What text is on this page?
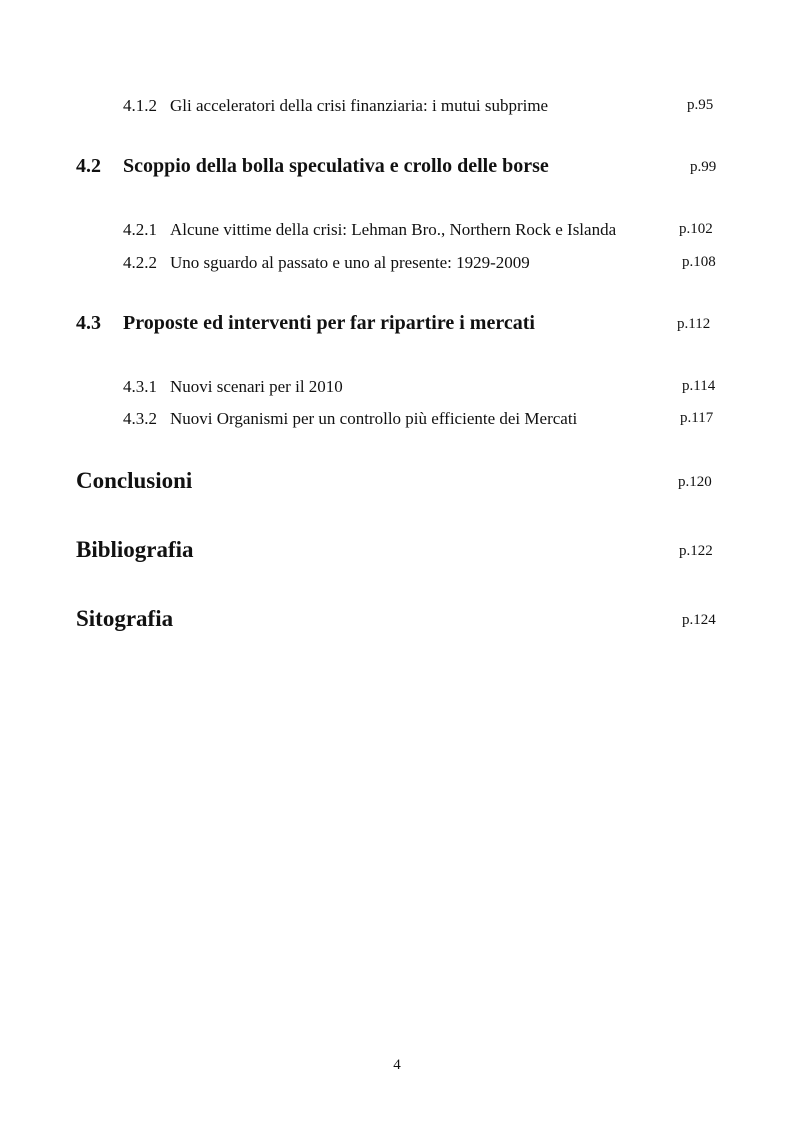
4.1.2 Gli acceleratori della crisi finanziaria: i mutui subprime	p.95
4.2 Scoppio della bolla speculativa e crollo delle borse	p.99
4.2.1 Alcune vittime della crisi: Lehman Bro., Northern Rock e Islanda	p.102
4.2.2 Uno sguardo al passato e uno al presente: 1929-2009	p.108
4.3 Proposte ed interventi per far ripartire i mercati	p.112
4.3.1 Nuovi scenari per il 2010	p.114
4.3.2 Nuovi Organismi per un controllo più efficiente dei Mercati	p.117
Conclusioni	p.120
Bibliografia	p.122
Sitografia	p.124
4
